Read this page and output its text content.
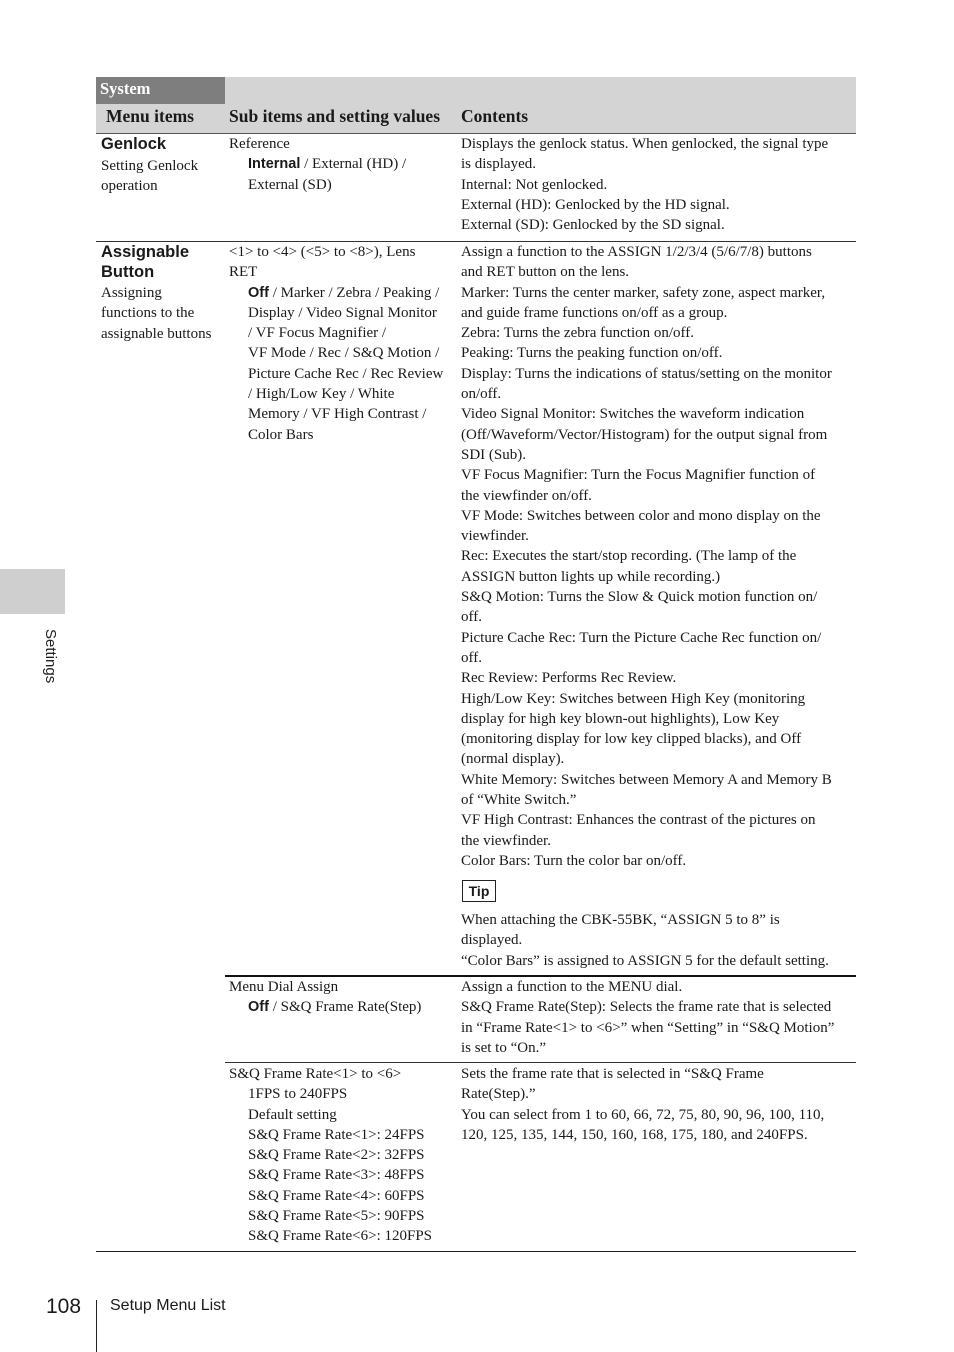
System
Menu items Sub items and setting values Contents
Genlock
Setting Genlock
operation
Reference
Internal / External (HD) /
External (SD)
Displays the genlock status. When genlocked, the signal type
is displayed.
Internal: Not genlocked.
External (HD): Genlocked by the HD signal.
External (SD): Genlocked by the SD signal.
Assignable
Button
Assigning
functions to the
assignable buttons
<1> to <4> (<5> to <8>), Lens
RET
Off / Marker / Zebra / Peaking /
Display / Video Signal Monitor
/ VF Focus Magnifier /
VF Mode / Rec / S&Q Motion /
Picture Cache Rec / Rec Review
/ High/Low Key / White
Memory / VF High Contrast /
Color Bars
Assign a function to the ASSIGN 1/2/3/4 (5/6/7/8) buttons
and RET button on the lens.
Marker: Turns the center marker, safety zone, aspect marker,
and guide frame functions on/off as a group.
Zebra: Turns the zebra function on/off.
Peaking: Turns the peaking function on/off.
Display: Turns the indications of status/setting on the monitor
on/off.
Video Signal Monitor: Switches the waveform indication
(Off/Waveform/Vector/Histogram) for the output signal from
SDI (Sub).
VF Focus Magnifier: Turn the Focus Magnifier function of
the viewfinder on/off.
VF Mode: Switches between color and mono display on the
viewfinder.
Rec: Executes the start/stop recording. (The lamp of the
ASSIGN button lights up while recording.)
S&Q Motion: Turns the Slow & Quick motion function on/
off.
Picture Cache Rec: Turn the Picture Cache Rec function on/
off.
Rec Review: Performs Rec Review.
High/Low Key: Switches between High Key (monitoring
display for high key blown-out highlights), Low Key
(monitoring display for low key clipped blacks), and Off
(normal display).
White Memory: Switches between Memory A and Memory B
of “White Switch.”
VF High Contrast: Enhances the contrast of the pictures on
the viewfinder.
Color Bars: Turn the color bar on/off.
Tip
When attaching the CBK-55BK, “ASSIGN 5 to 8” is
displayed.
“Color Bars” is assigned to ASSIGN 5 for the default setting.
Menu Dial Assign
Off / S&Q Frame Rate(Step)
Assign a function to the MENU dial.
S&Q Frame Rate(Step): Selects the frame rate that is selected
in “Frame Rate<1> to <6>” when “Setting” in “S&Q Motion”
is set to “On.”
S&Q Frame Rate<1> to <6>
1FPS to 240FPS
Default setting
S&Q Frame Rate<1>: 24FPS
S&Q Frame Rate<2>: 32FPS
S&Q Frame Rate<3>: 48FPS
S&Q Frame Rate<4>: 60FPS
S&Q Frame Rate<5>: 90FPS
S&Q Frame Rate<6>: 120FPS
Sets the frame rate that is selected in “S&Q Frame
Rate(Step).”
You can select from 1 to 60, 66, 72, 75, 80, 90, 96, 100, 110,
120, 125, 135, 144, 150, 160, 168, 175, 180, and 240FPS.
Settings
108 Setup Menu List
